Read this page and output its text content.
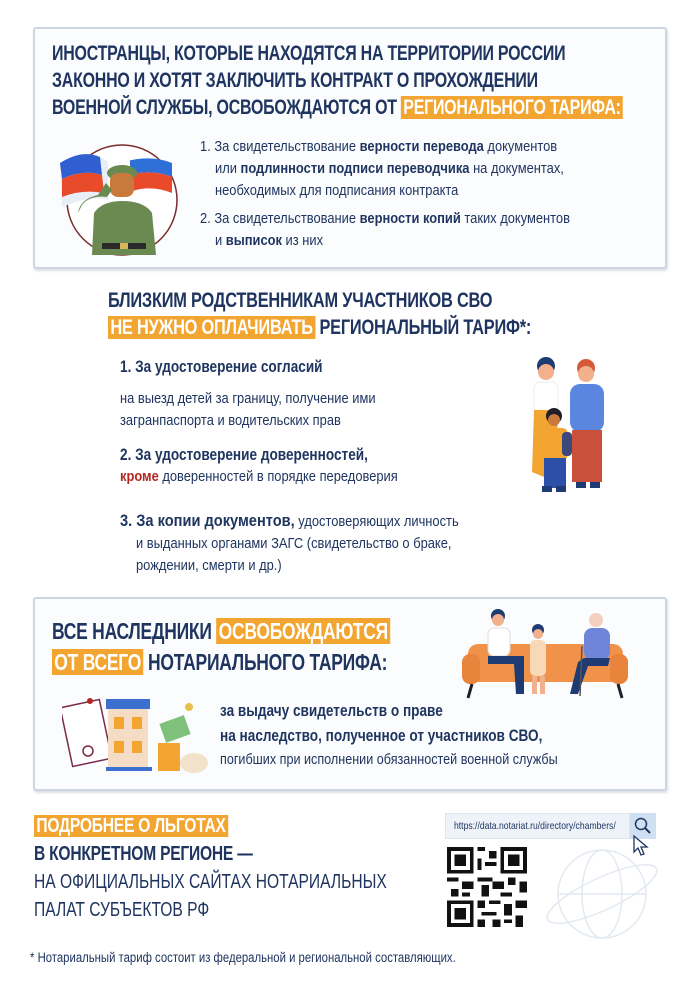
ИНОСТРАНЦЫ, КОТОРЫЕ НАХОДЯТСЯ НА ТЕРРИТОРИИ РОССИИ
ЗАКОННО И ХОТЯТ ЗАКЛЮЧИТЬ КОНТРАКТ О ПРОХОЖДЕНИИ
ВОЕННОЙ СЛУЖБЫ, ОСВОБОЖДАЮТСЯ ОТ РЕГИОНАЛЬНОГО ТАРИФА:
1. За свидетельствование верности перевода документов
или подлинности подписи переводчика на документах,
необходимых для подписания контракта
2. За свидетельствование верности копий таких документов
и выписок из них
БЛИЗКИМ РОДСТВЕННИКАМ УЧАСТНИКОВ СВО
НЕ НУЖНО ОПЛАЧИВАТЬ РЕГИОНАЛЬНЫЙ ТАРИФ*:
1. За удостоверение согласий
на выезд детей за границу, получение ими
загранпаспорта и водительских прав
2. За удостоверение доверенностей,
кроме доверенностей в порядке передоверия
3. За копии документов, удостоверяющих личность
и выданных органами ЗАГС (свидетельство о браке,
рождении, смерти и др.)
ВСЕ НАСЛЕДНИКИ ОСВОБОЖДАЮТСЯ
ОТ ВСЕГО НОТАРИАЛЬНОГО ТАРИФА:
за выдачу свидетельств о праве
на наследство, полученное от участников СВО,
погибших при исполнении обязанностей военной службы
ПОДРОБНЕЕ О ЛЬГОТАХ
В КОНКРЕТНОМ РЕГИОНЕ —
НА ОФИЦИАЛЬНЫХ САЙТАХ НОТАРИАЛЬНЫХ
ПАЛАТ СУБЪЕКТОВ РФ
https://data.notariat.ru/directory/chambers/
* Нотариальный тариф состоит из федеральной и региональной составляющих.
